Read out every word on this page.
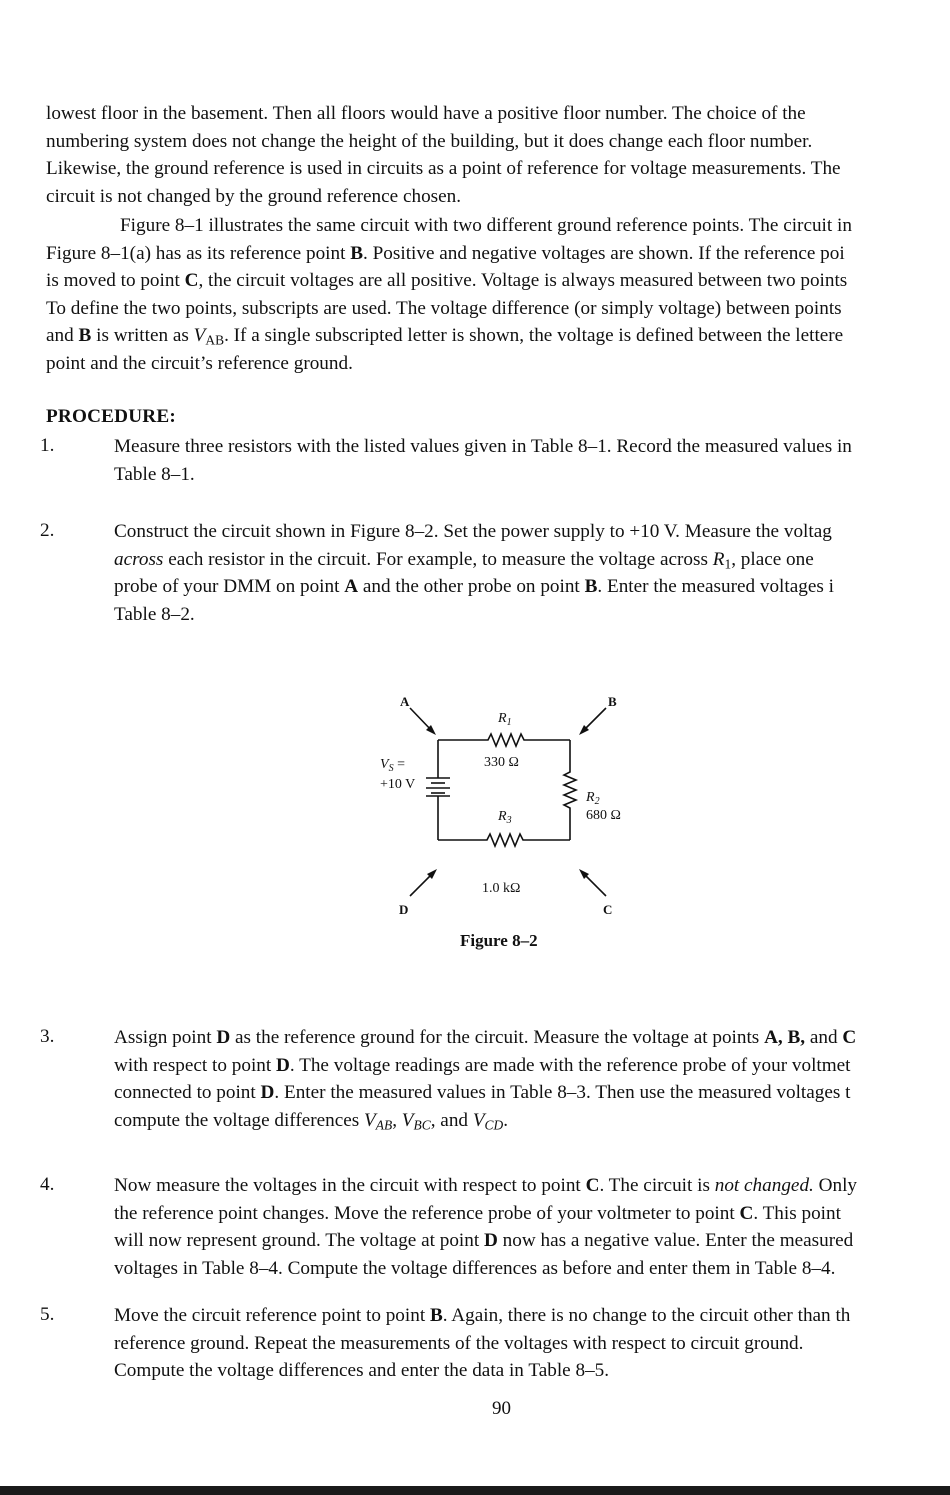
lowest floor in the basement. Then all floors would have a positive floor number. The choice of the
numbering system does not change the height of the building, but it does change each floor number.
Likewise, the ground reference is used in circuits as a point of reference for voltage measurements. The
circuit is not changed by the ground reference chosen.
Figure 8–1 illustrates the same circuit with two different ground reference points. The circuit in
Figure 8–1(a) has as its reference point B. Positive and negative voltages are shown. If the reference poi
is moved to point C, the circuit voltages are all positive. Voltage is always measured between two points
To define the two points, subscripts are used. The voltage difference (or simply voltage) between points
and B is written as $V_{AB}$. If a single subscripted letter is shown, the voltage is defined between the lettere
point and the circuit’s reference ground.
PROCEDURE:
1.	Measure three resistors with the listed values given in Table 8–1. Record the measured values in
Table 8–1.
2.	Construct the circuit shown in Figure 8–2. Set the power supply to +10 V. Measure the voltag
across each resistor in the circuit. For example, to measure the voltage across $R_1$, place one
probe of your DMM on point A and the other probe on point B. Enter the measured voltages i
Table 8–2.
A	B
C
D
$R_1$
330 Ω
$R_2$
680 Ω
$R_3$
1.0 kΩ
$V_S$ =
+10 V
Figure 8–2
3.	Assign point D as the reference ground for the circuit. Measure the voltage at points A, B, and C
with respect to point D. The voltage readings are made with the reference probe of your voltmet
connected to point D. Enter the measured values in Table 8–3. Then use the measured voltages t
compute the voltage differences $V_{AB}$, $V_{BC}$, and $V_{CD}$.
4.	Now measure the voltages in the circuit with respect to point C. The circuit is not changed. Only
the reference point changes. Move the reference probe of your voltmeter to point C. This point
will now represent ground. The voltage at point D now has a negative value. Enter the measured
voltages in Table 8–4. Compute the voltage differences as before and enter them in Table 8–4.
5.	Move the circuit reference point to point B. Again, there is no change to the circuit other than th
reference ground. Repeat the measurements of the voltages with respect to circuit ground.
Compute the voltage differences and enter the data in Table 8–5.
90
